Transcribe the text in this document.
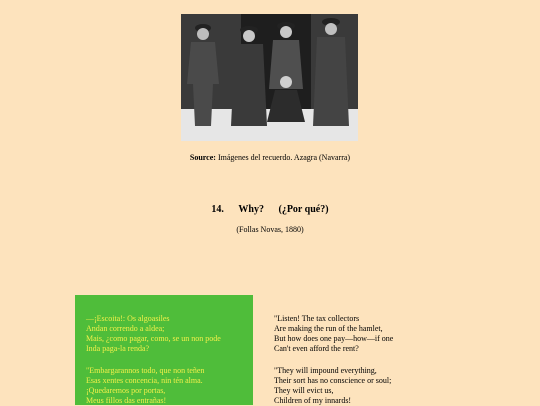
Source: Imágenes del recuerdo. Azagra (Navarra)
14. Why? (¿Por qué?)
(Follas Novas, 1880)
—¡Escoita!: Os algoasiles
Andan correndo a aldea;
Mais, ¿como pagar, como, se un non pode
Inda paga-la renda?
"Embargarannos todo, que non teñen
Esas xentes concencia, nin tén alma.
¡Quedaremos por portas,
Meus fillos das entrañas!
"Listen! The tax collectors
Are making the run of the hamlet,
But how does one pay—how—if one
Can't even afford the rent?
"They will impound everything,
Their sort has no conscience or soul;
They will evict us,
Children of my innards!
